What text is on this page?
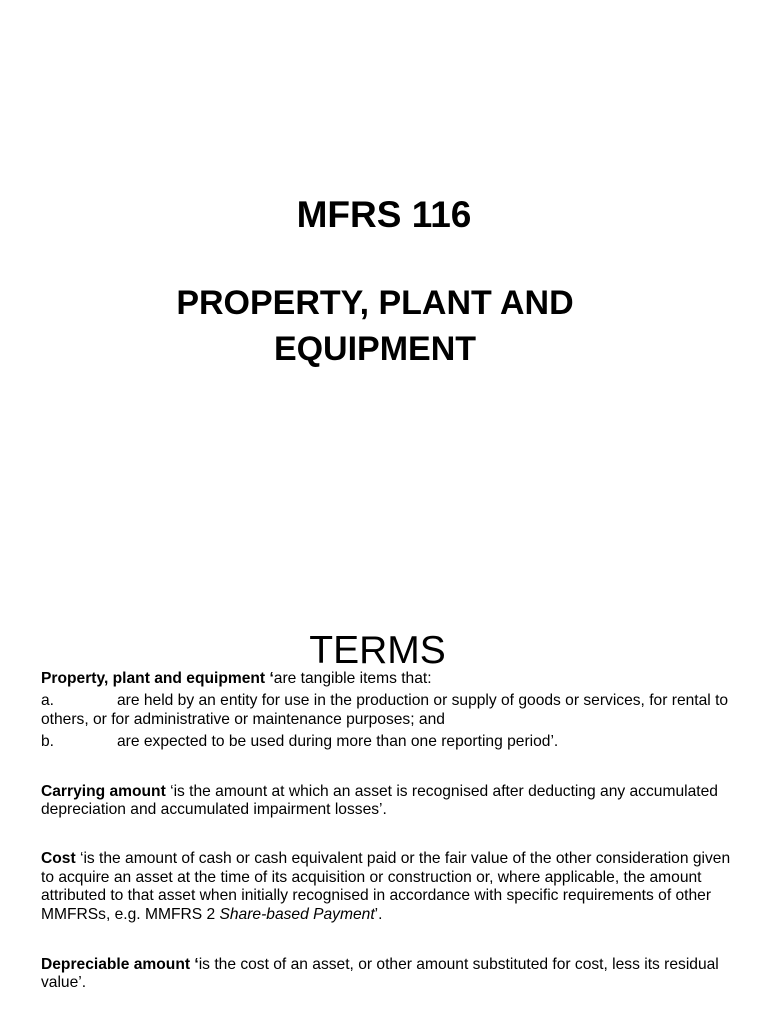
MFRS 116
PROPERTY, PLANT AND
EQUIPMENT
TERMS

Property, plant and equipment ‘are tangible items that:

a.	are held by an entity for use in the production or supply of goods or services, for rental to others, or for administrative or maintenance purposes; and

b.	are expected to be used during more than one reporting period’.

Carrying amount ‘is the amount at which an asset is recognised after deducting any accumulated depreciation and accumulated impairment losses’.

Cost ‘is the amount of cash or cash equivalent paid or the fair value of the other consideration given to acquire an asset at the time of its acquisition or construction or, where applicable, the amount attributed to that asset when initially recognised in accordance with specific requirements of other MMFRSs, e.g. MMFRS 2 Share-based Payment’.

Depreciable amount ‘is the cost of an asset, or other amount substituted for cost, less its residual value’.
